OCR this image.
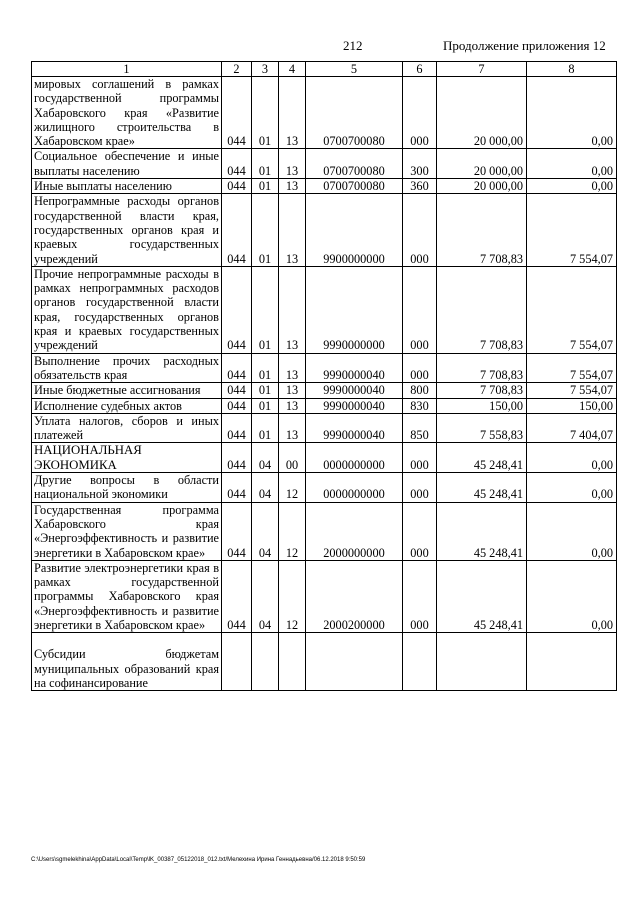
212	Продолжение приложения 12
1	2	3	4	5	6	7	8
мировых соглашений в рамках государственной программы Хабаровского края «Развитие жилищного строительства в Хабаровском крае»	044	01	13	0700700080	000	20 000,00	0,00
Социальное обеспечение и иные выплаты населению	044	01	13	0700700080	300	20 000,00	0,00
Иные выплаты населению	044	01	13	0700700080	360	20 000,00	0,00
Непрограммные расходы органов государственной власти края, государственных органов края и краевых государственных учреждений	044	01	13	9900000000	000	7 708,83	7 554,07
Прочие непрограммные расходы в рамках непрограммных расходов органов государственной власти края, государственных органов края и краевых государственных учреждений	044	01	13	9990000000	000	7 708,83	7 554,07
Выполнение прочих расходных обязательств края	044	01	13	9990000040	000	7 708,83	7 554,07
Иные бюджетные ассигнования	044	01	13	9990000040	800	7 708,83	7 554,07
Исполнение судебных актов	044	01	13	9990000040	830	150,00	150,00
Уплата налогов, сборов и иных платежей	044	01	13	9990000040	850	7 558,83	7 404,07
НАЦИОНАЛЬНАЯ ЭКОНОМИКА	044	04	00	0000000000	000	45 248,41	0,00
Другие вопросы в области национальной экономики	044	04	12	0000000000	000	45 248,41	0,00
Государственная программа Хабаровского края «Энергоэффективность и развитие энергетики в Хабаровском крае»	044	04	12	2000000000	000	45 248,41	0,00
Развитие электроэнергетики края в рамках государственной программы Хабаровского края «Энергоэффективность и развитие энергетики в Хабаровском крае»	044	04	12	2000200000	000	45 248,41	0,00
Субсидии бюджетам муниципальных образований края на софинансирование							
C:\Users\sgmelekhina\AppData\Local\Temp\lK_00387_05122018_012.txt/Мелехина Ирина Геннадьевна/06.12.2018 9:50:59
